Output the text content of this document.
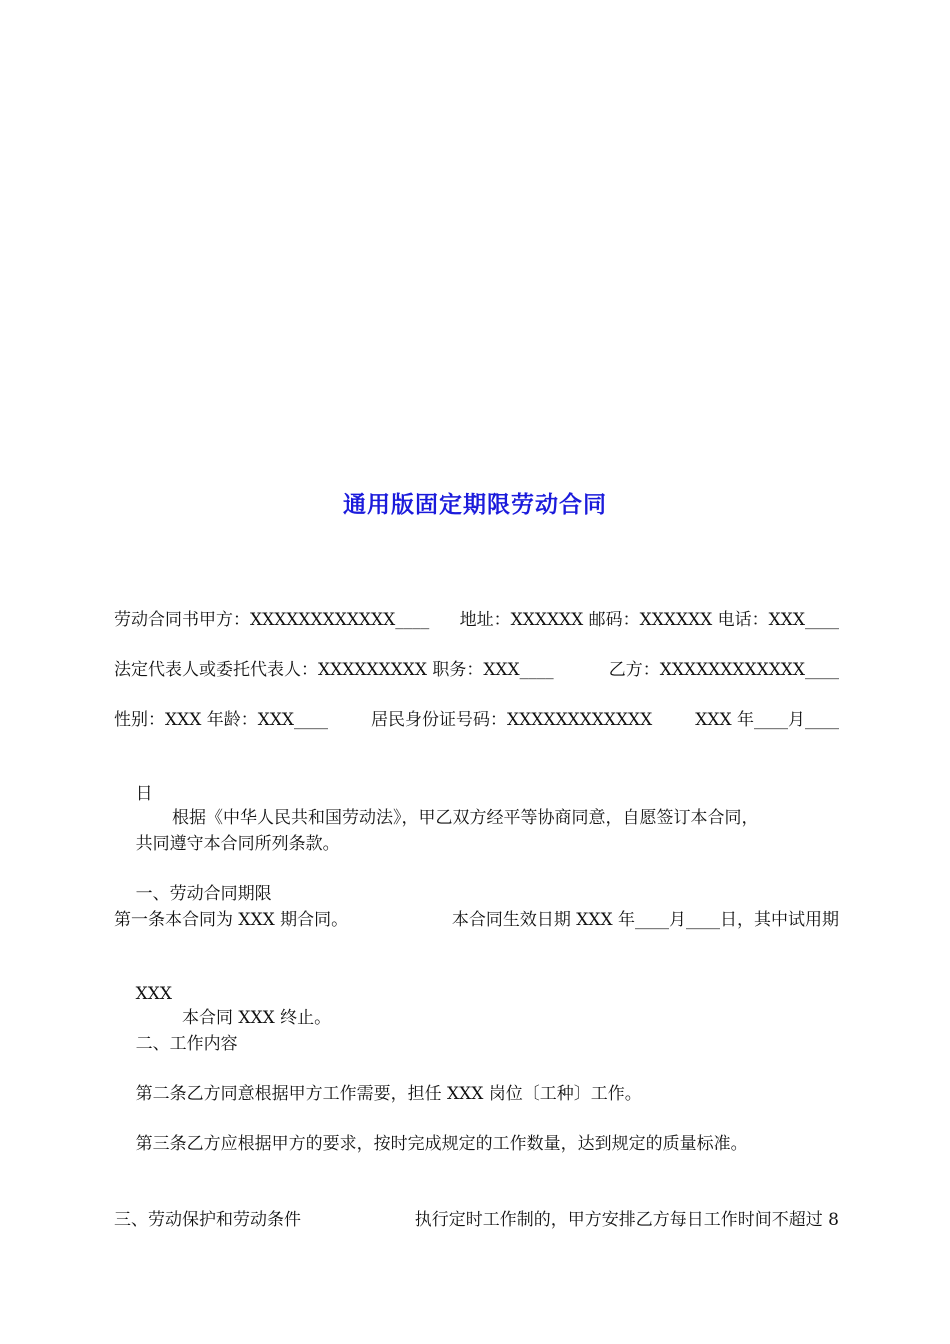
通用版固定期限劳动合同
劳动合同书甲方：XXXXXXXXXXXX____ 地址：XXXXXX 邮码：XXXXXX 电话：XXX____
法定代表人或委托代表人：XXXXXXXXX 职务：XXX____	乙方：XXXXXXXXXXXX____
性别：XXX 年龄：XXX____	居民身份证号码：XXXXXXXXXXXX	XXX 年____月____

日

根据《中华人民共和国劳动法》，甲乙双方经平等协商同意，自愿签订本合同，

共同遵守本合同所列条款。

一、劳动合同期限

第一条本合同为 XXX 期合同。	本合同生效日期 XXX 年____月____日，其中试用期

XXX

本合同 XXX 终止。

二、工作内容

第二条乙方同意根据甲方工作需要，担任 XXX 岗位〔工种〕工作。

第三条乙方应根据甲方的要求，按时完成规定的工作数量，达到规定的质量标准。

三、劳动保护和劳动条件	执行定时工作制的，甲方安排乙方每日工作时间不超过 8
